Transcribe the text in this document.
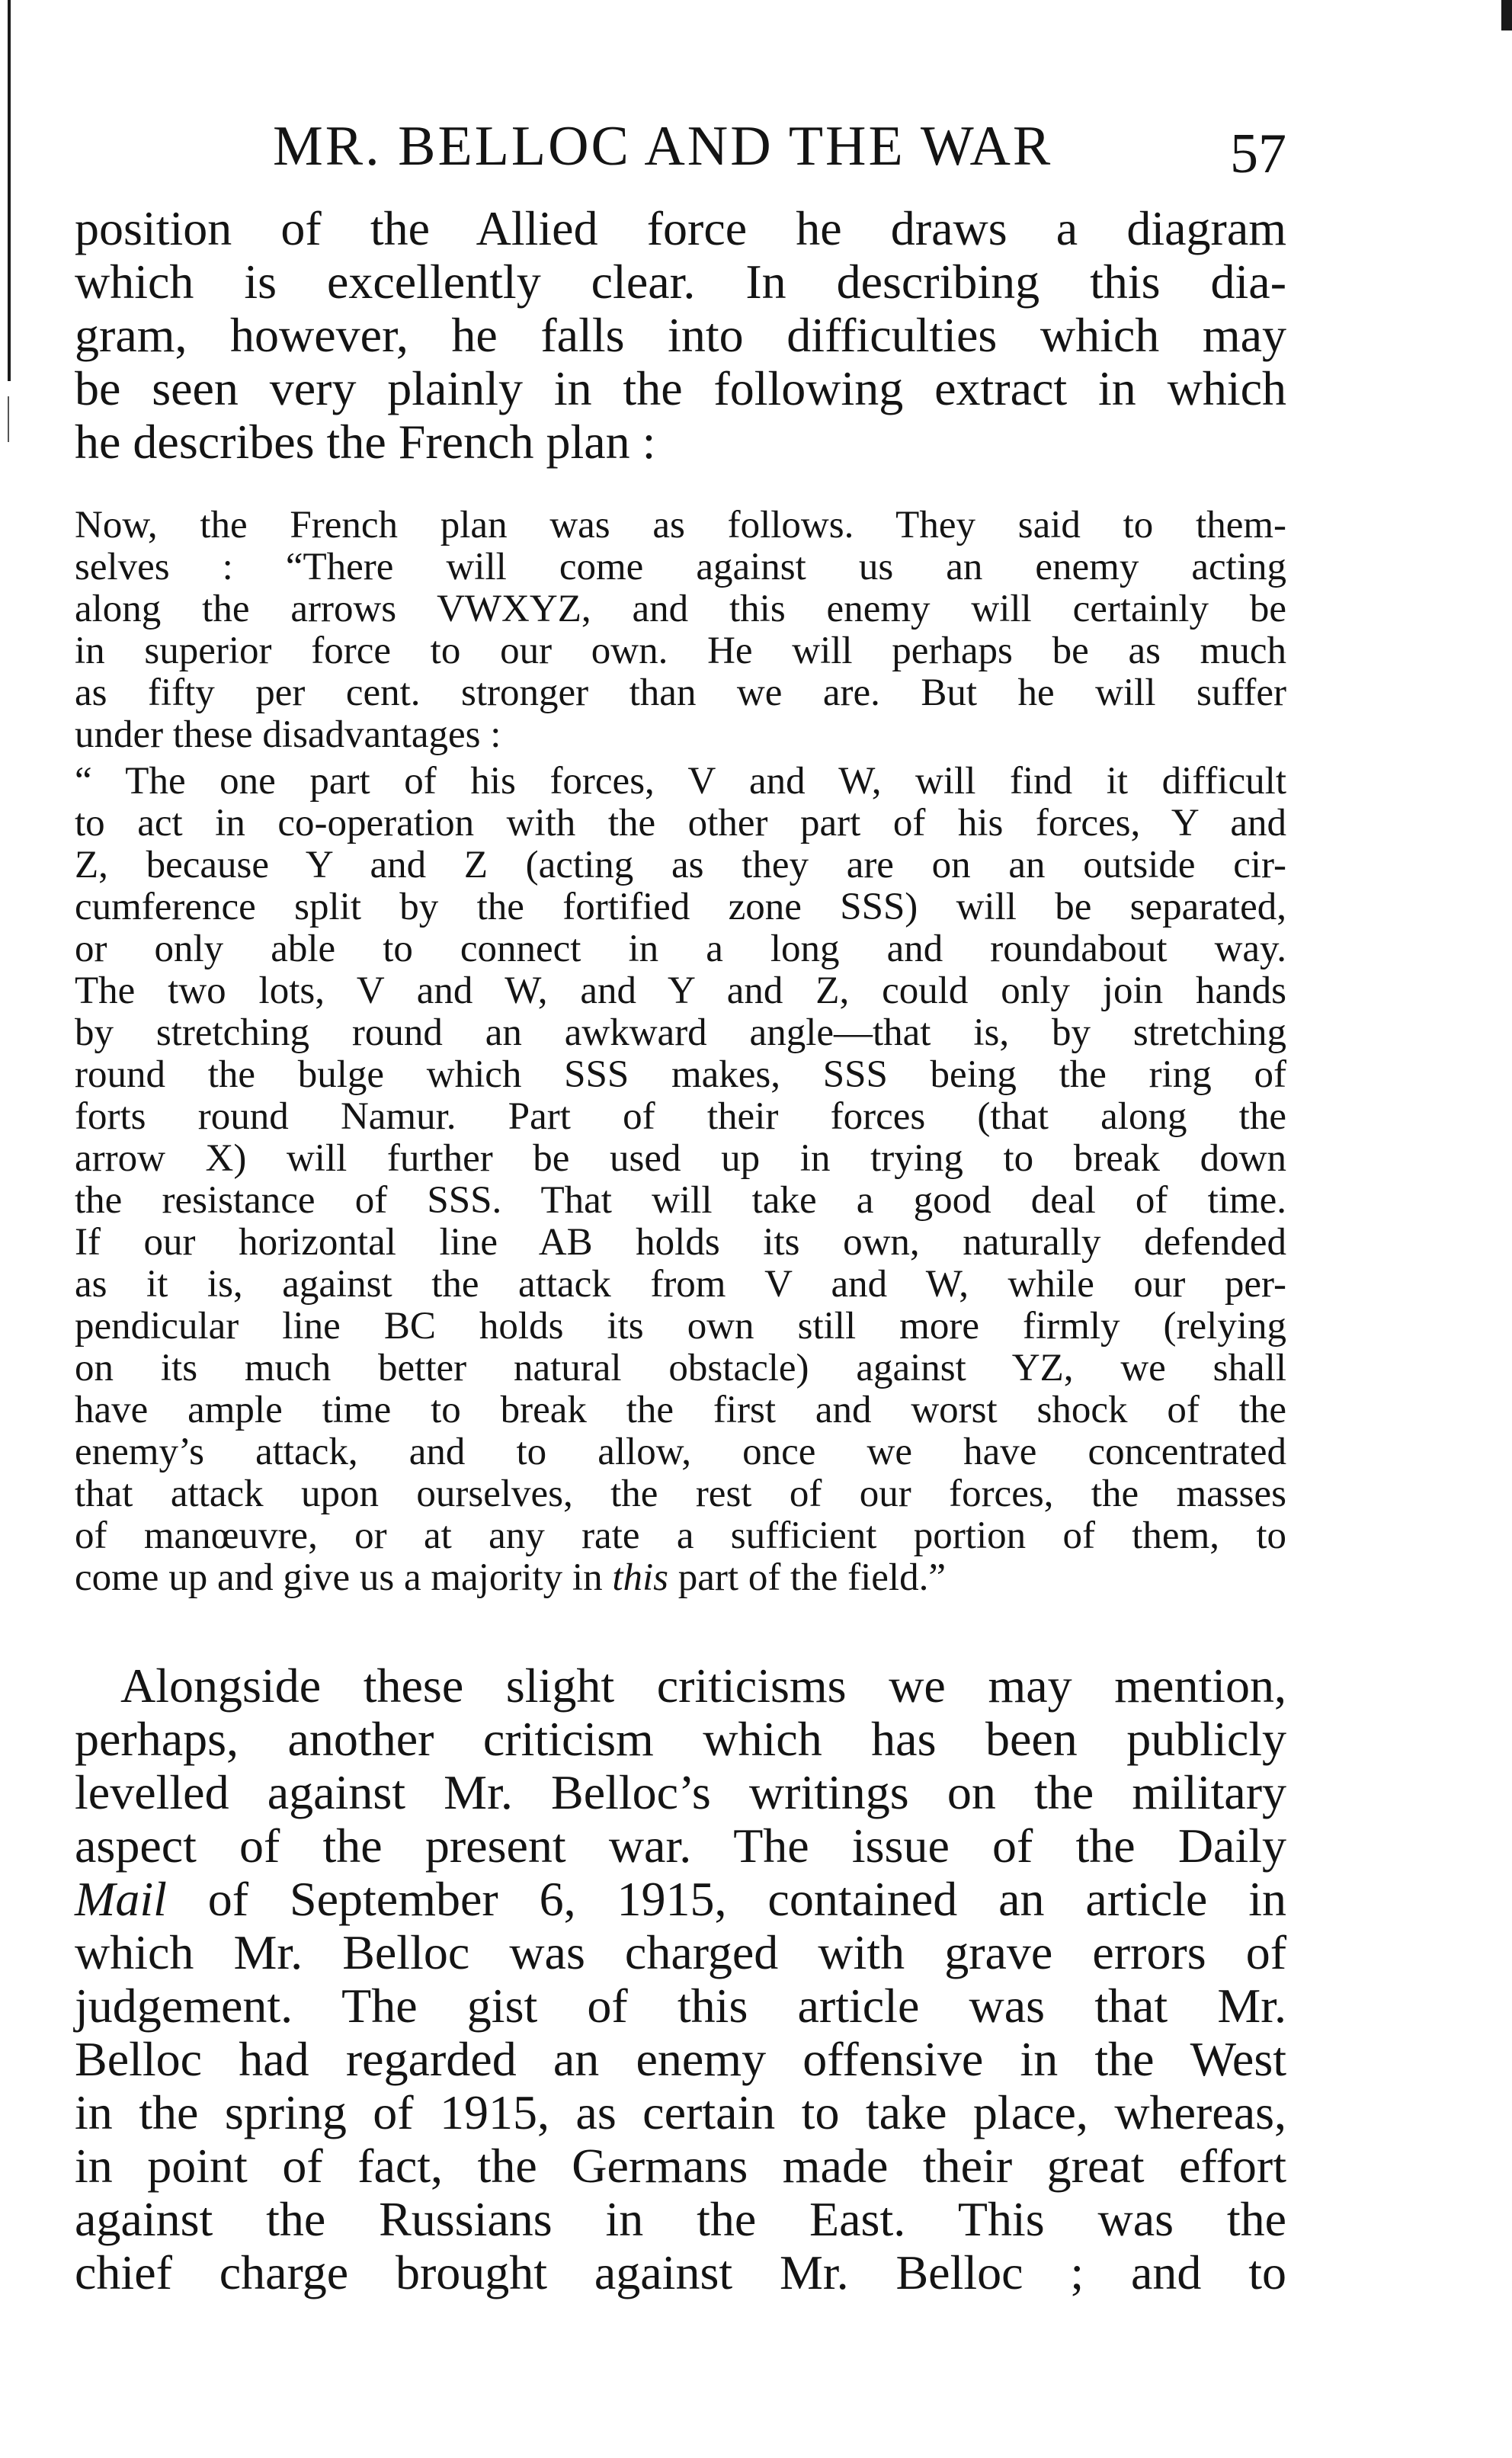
MR. BELLOC AND THE WAR	57
position of the Allied force he draws a diagram
which is excellently clear. In describing this dia-
gram, however, he falls into difficulties which may
be seen very plainly in the following extract in which
he describes the French plan :
Now, the French plan was as follows. They said to them-
selves : “There will come against us an enemy acting
along the arrows VWXYZ, and this enemy will certainly be
in superior force to our own. He will perhaps be as much
as fifty per cent. stronger than we are. But he will suffer
under these disadvantages :
“ The one part of his forces, V and W, will find it difficult
to act in co-operation with the other part of his forces, Y and
Z, because Y and Z (acting as they are on an outside cir-
cumference split by the fortified zone SSS) will be separated,
or only able to connect in a long and roundabout way.
The two lots, V and W, and Y and Z, could only join hands
by stretching round an awkward angle—that is, by stretching
round the bulge which SSS makes, SSS being the ring of
forts round Namur. Part of their forces (that along the
arrow X) will further be used up in trying to break down
the resistance of SSS. That will take a good deal of time.
If our horizontal line AB holds its own, naturally defended
as it is, against the attack from V and W, while our per-
pendicular line BC holds its own still more firmly (relying
on its much better natural obstacle) against YZ, we shall
have ample time to break the first and worst shock of the
enemy’s attack, and to allow, once we have concentrated
that attack upon ourselves, the rest of our forces, the masses
of manœuvre, or at any rate a sufficient portion of them, to
come up and give us a majority in this part of the field.”
Alongside these slight criticisms we may mention,
perhaps, another criticism which has been publicly
levelled against Mr. Belloc’s writings on the military
aspect of the present war. The issue of the Daily
Mail of September 6, 1915, contained an article in
which Mr. Belloc was charged with grave errors of
judgement. The gist of this article was that Mr.
Belloc had regarded an enemy offensive in the West
in the spring of 1915, as certain to take place, whereas,
in point of fact, the Germans made their great effort
against the Russians in the East. This was the
chief charge brought against Mr. Belloc ; and to
